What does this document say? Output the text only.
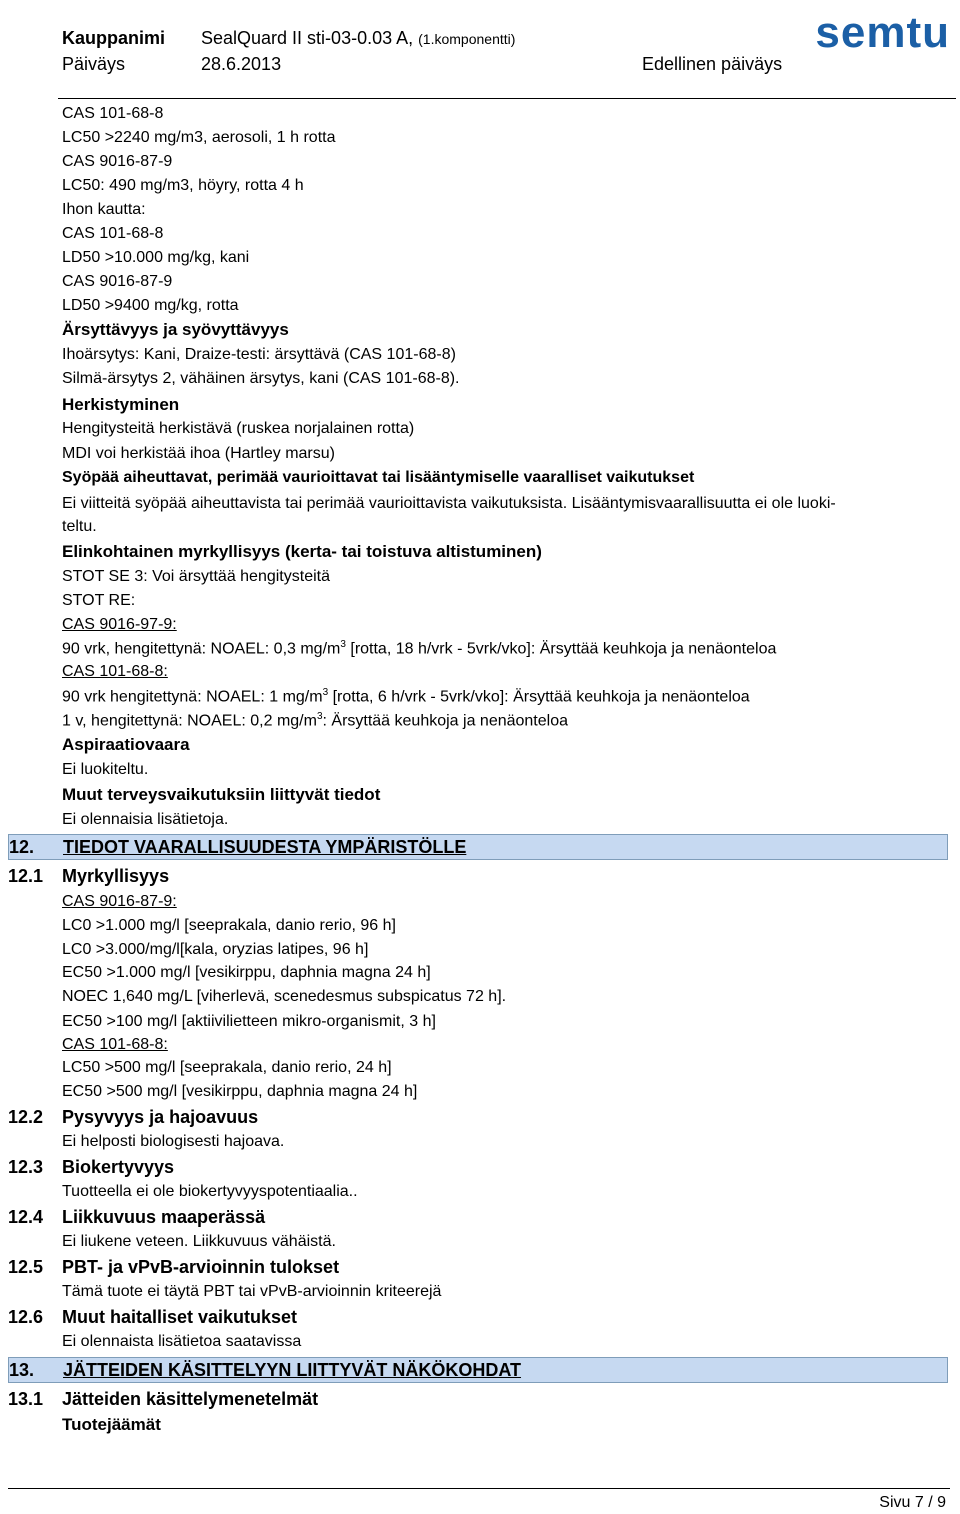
Kauppanimi SealQuard II sti-03-0.03 A, (1.komponentti)
Päiväys	28.6.2013	Edellinen päiväys
semtu
CAS 101-68-8
LC50 >2240 mg/m3, aerosoli, 1 h rotta
CAS 9016-87-9
LC50: 490 mg/m3, höyry, rotta 4 h
Ihon kautta:
CAS 101-68-8
LD50 >10.000 mg/kg, kani
CAS 9016-87-9
LD50 >9400 mg/kg, rotta
Ärsyttävyys ja syövyttävyys
Ihoärsytys: Kani, Draize-testi: ärsyttävä (CAS 101-68-8)
Silmä-ärsytys 2, vähäinen ärsytys, kani (CAS 101-68-8).
Herkistyminen
Hengitysteitä herkistävä (ruskea norjalainen rotta)
MDI voi herkistää ihoa (Hartley marsu)
Syöpää aiheuttavat, perimää vaurioittavat tai lisääntymiselle vaaralliset vaikutukset
Ei viitteitä syöpää aiheuttavista tai perimää vaurioittavista vaikutuksista. Lisääntymisvaarallisuutta ei ole luoki-
teltu.
Elinkohtainen myrkyllisyys (kerta- tai toistuva altistuminen)
STOT SE 3: Voi ärsyttää hengitysteitä
STOT RE:
CAS 9016-97-9:
90 vrk, hengitettynä: NOAEL: 0,3 $mg/m^3$ [rotta, 18 h/vrk - 5vrk/vko]: Ärsyttää keuhkoja ja nenäonteloa
CAS 101-68-8:
90 vrk hengitettynä: NOAEL: 1 $mg/m^3$ [rotta, 6 h/vrk - 5vrk/vko]: Ärsyttää keuhkoja ja nenäonteloa
1 v, hengitettynä: NOAEL: 0,2 $mg/m^3$: Ärsyttää keuhkoja ja nenäonteloa
Aspiraatiovaara
Ei luokiteltu.
Muut terveysvaikutuksiin liittyvät tiedot
Ei olennaisia lisätietoja.
12. TIEDOT VAARALLISUUDESTA YMPÄRISTÖLLE
12.1 Myrkyllisyys
CAS 9016-87-9:
LC0 >1.000 mg/l [seeprakala, danio rerio, 96 h]
LC0 >3.000/mg/l[kala, oryzias latipes, 96 h]
EC50 >1.000 mg/l [vesikirppu, daphnia magna 24 h]
NOEC 1,640 mg/L [viherlevä, scenedesmus subspicatus 72 h].
EC50 >100 mg/l [aktiivilietteen mikro-organismit, 3 h]
CAS 101-68-8:
LC50 >500 mg/l [seeprakala, danio rerio, 24 h]
EC50 >500 mg/l [vesikirppu, daphnia magna 24 h]
12.2 Pysyvyys ja hajoavuus
Ei helposti biologisesti hajoava.
12.3 Biokertyvyys
Tuotteella ei ole biokertyvyyspotentiaalia..
12.4 Liikkuvuus maaperässä
Ei liukene veteen. Liikkuvuus vähäistä.
12.5 PBT- ja vPvB-arvioinnin tulokset
Tämä tuote ei täytä PBT tai vPvB-arvioinnin kriteerejä
12.6 Muut haitalliset vaikutukset
Ei olennaista lisätietoa saatavissa
13. JÄTTEIDEN KÄSITTELYYN LIITTYVÄT NÄKÖKOHDAT
13.1 Jätteiden käsittelymenetelmät
Tuotejäämät
Sivu 7 / 9
